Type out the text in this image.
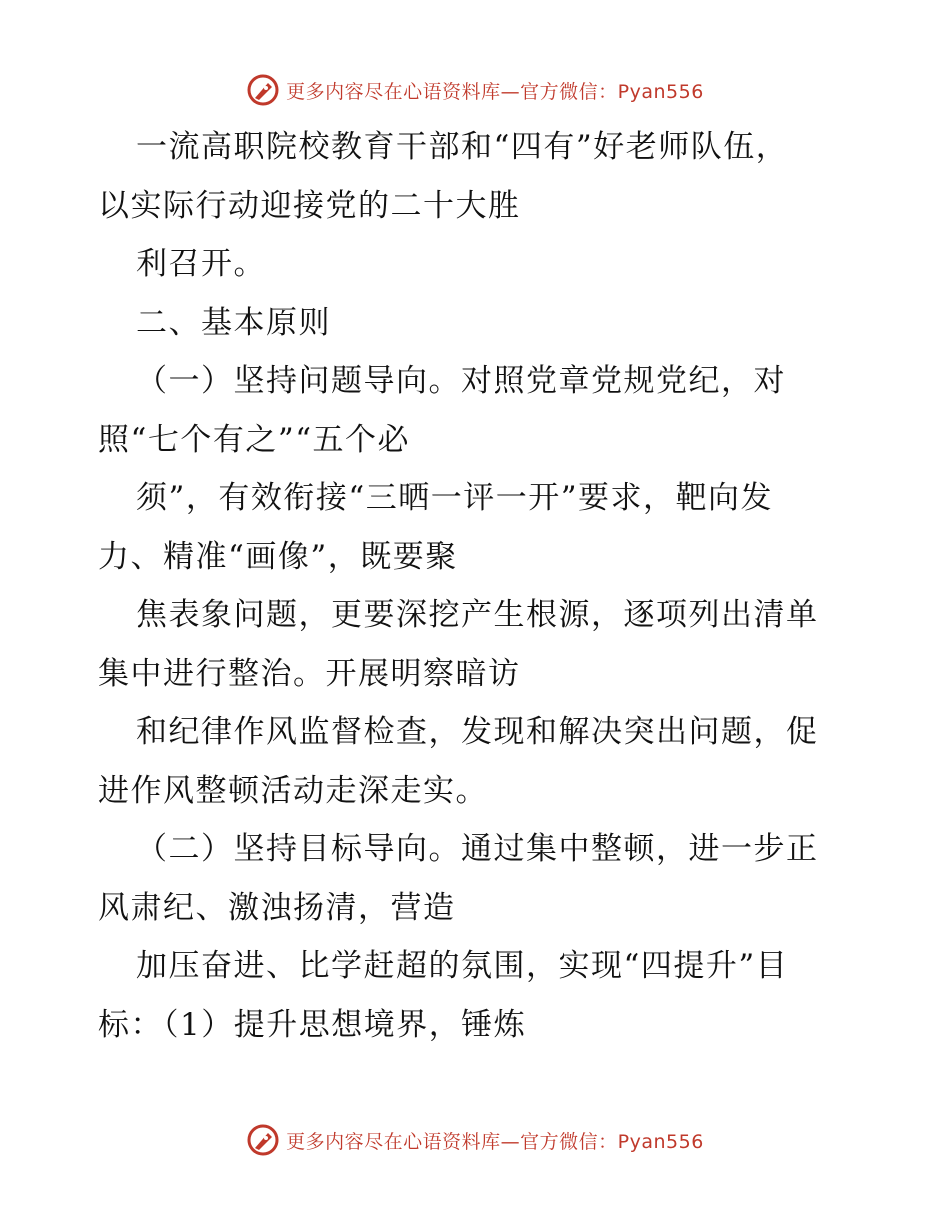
更多内容尽在心语资料库—官方微信：Pyan556
一流高职院校教育干部和“四有”好老师队伍，
以实际行动迎接党的二十大胜
利召开。
二、基本原则
（一）坚持问题导向。对照党章党规党纪，对
照“七个有之”“五个必
须”，有效衔接“三晒一评一开”要求，靶向发
力、精准“画像”，既要聚
焦表象问题，更要深挖产生根源，逐项列出清单
集中进行整治。开展明察暗访
和纪律作风监督检查，发现和解决突出问题，促
进作风整顿活动走深走实。
（二）坚持目标导向。通过集中整顿，进一步正
风肃纪、激浊扬清，营造
加压奋进、比学赶超的氛围，实现“四提升”目
标：（1）提升思想境界，锤炼
更多内容尽在心语资料库—官方微信：Pyan556
